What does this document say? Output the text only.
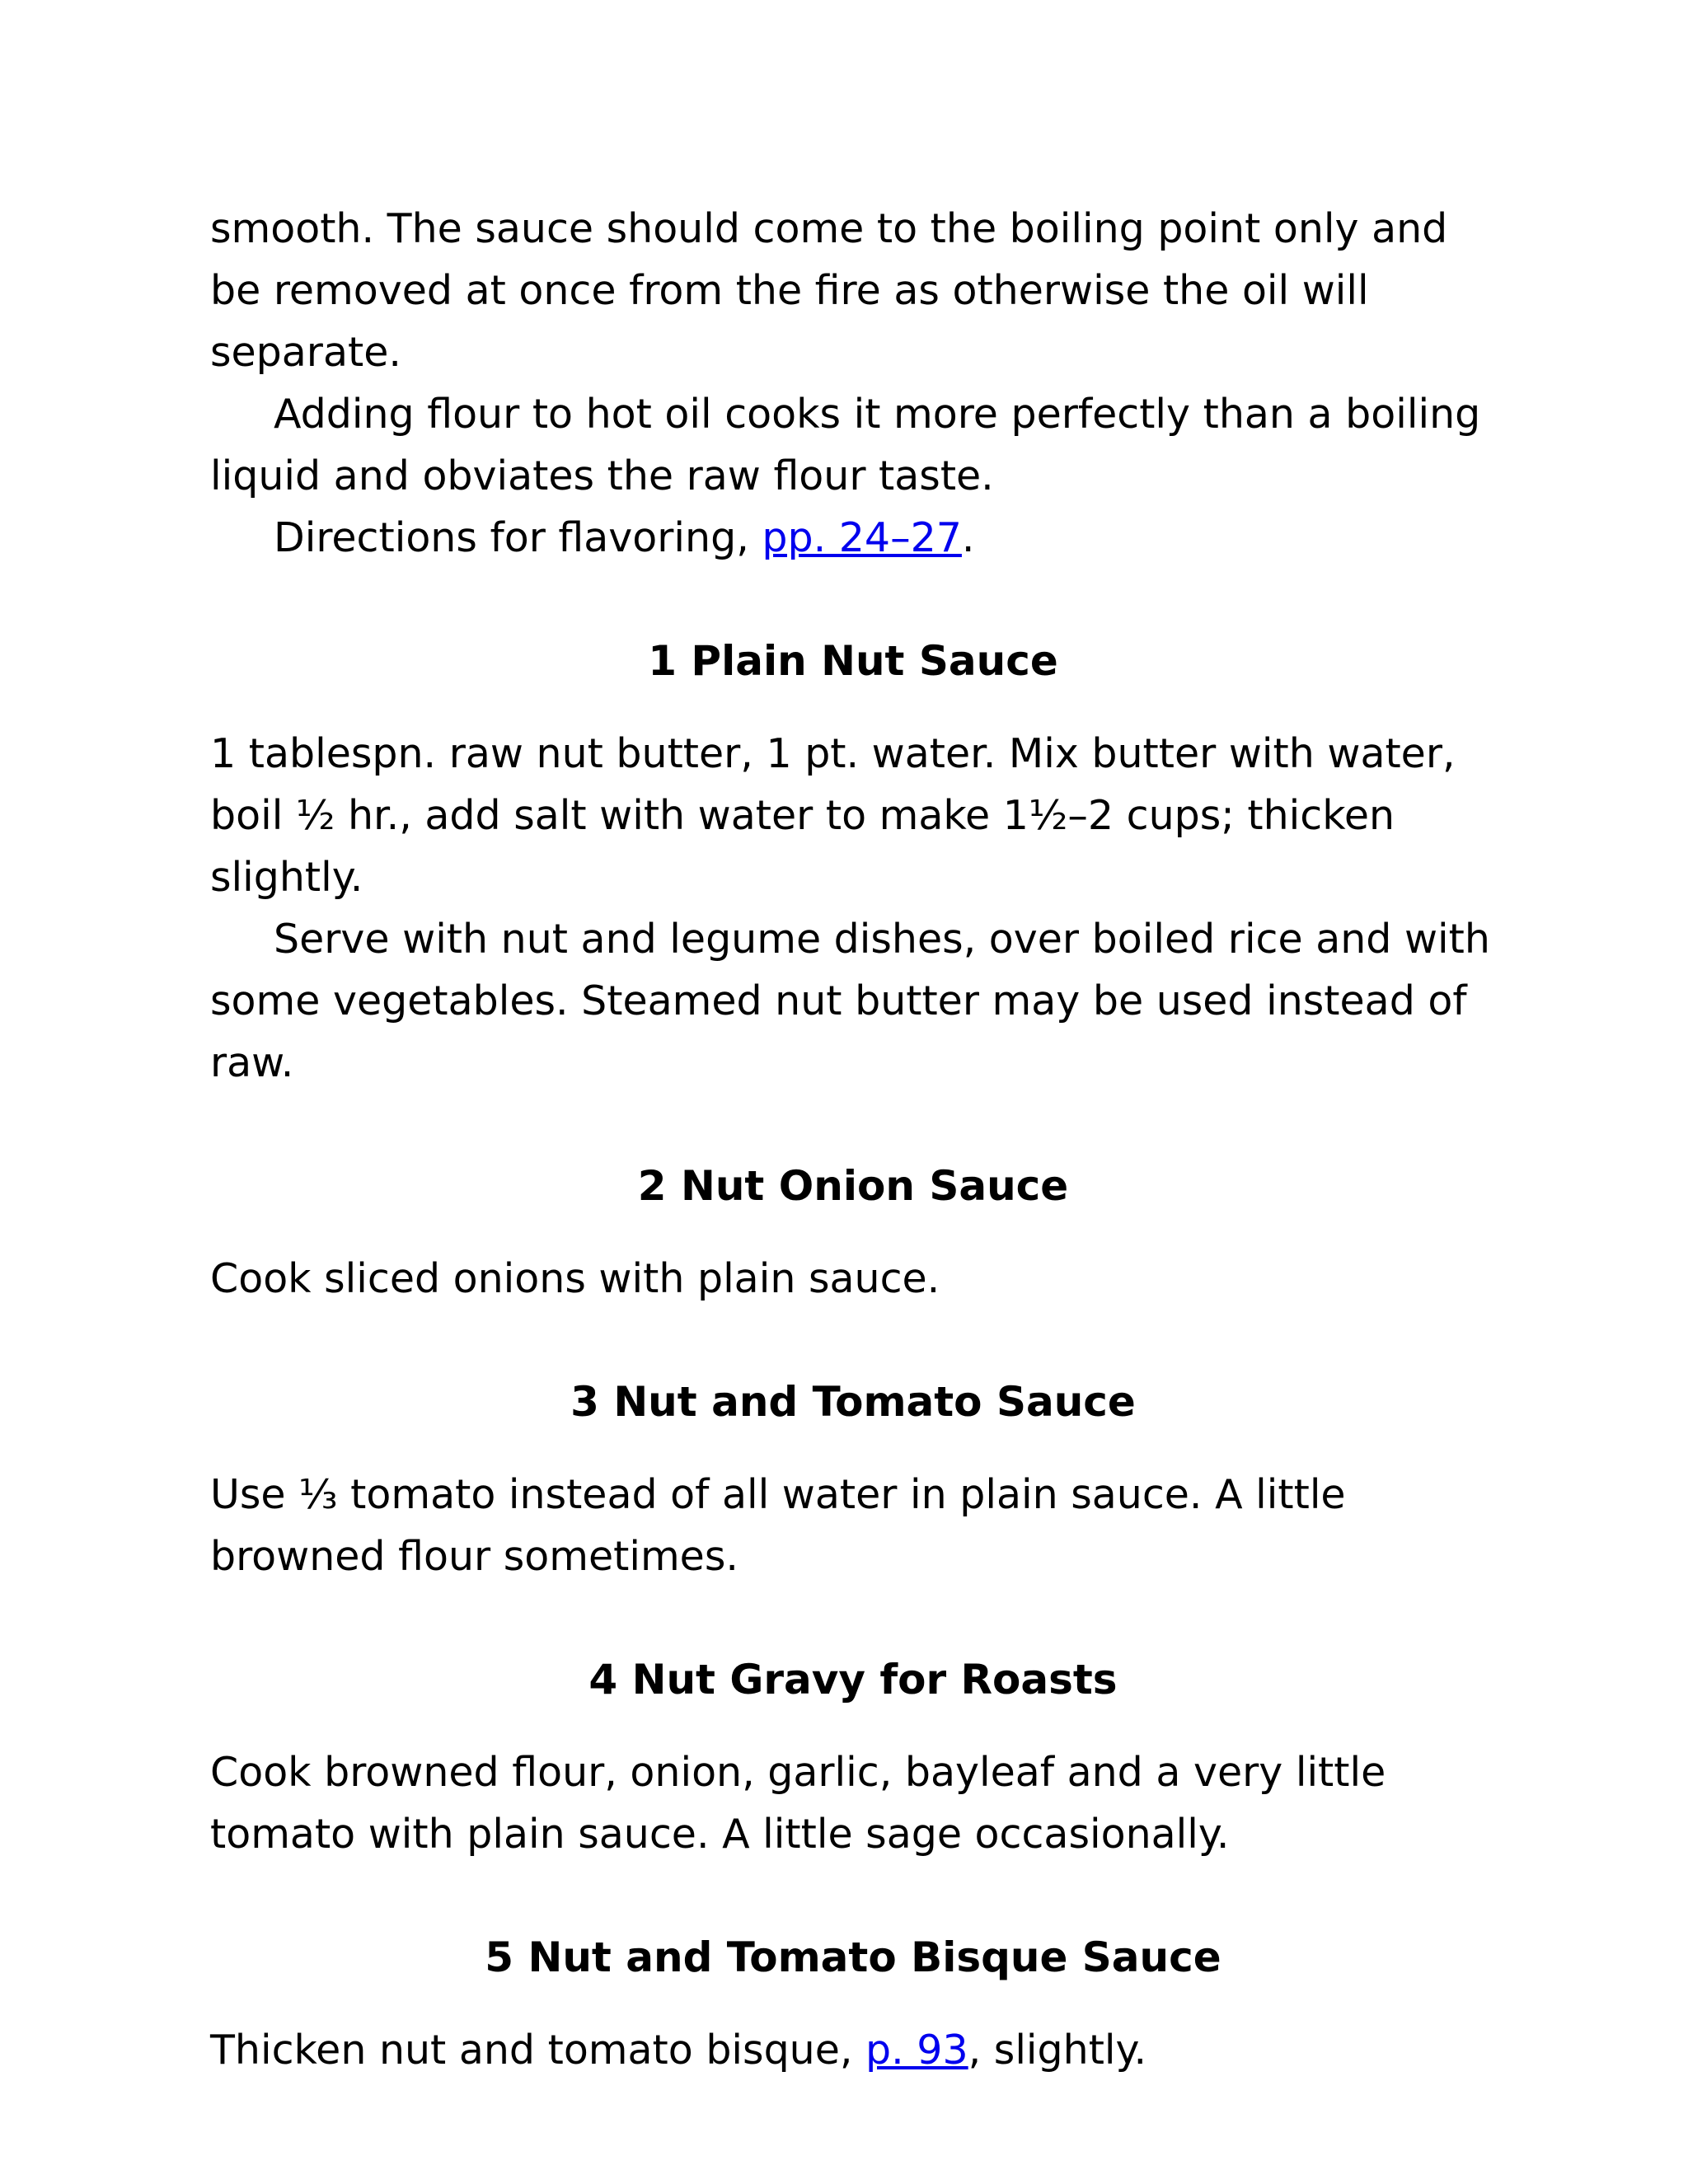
smooth. The sauce should come to the boiling point only and be removed at once from the fire as otherwise the oil will separate.

Adding flour to hot oil cooks it more perfectly than a boiling liquid and obviates the raw flour taste.

Directions for flavoring, pp. 24–27.

1 Plain Nut Sauce

1 tablespn. raw nut butter, 1 pt. water. Mix butter with water, boil ½ hr., add salt with water to make 1½–2 cups; thicken slightly.

Serve with nut and legume dishes, over boiled rice and with some vegetables. Steamed nut butter may be used instead of raw.

2 Nut Onion Sauce

Cook sliced onions with plain sauce.

3 Nut and Tomato Sauce

Use ⅓ tomato instead of all water in plain sauce. A little browned flour sometimes.

4 Nut Gravy for Roasts

Cook browned flour, onion, garlic, bayleaf and a very little tomato with plain sauce. A little sage occasionally.

5 Nut and Tomato Bisque Sauce

Thicken nut and tomato bisque, p. 93, slightly.
